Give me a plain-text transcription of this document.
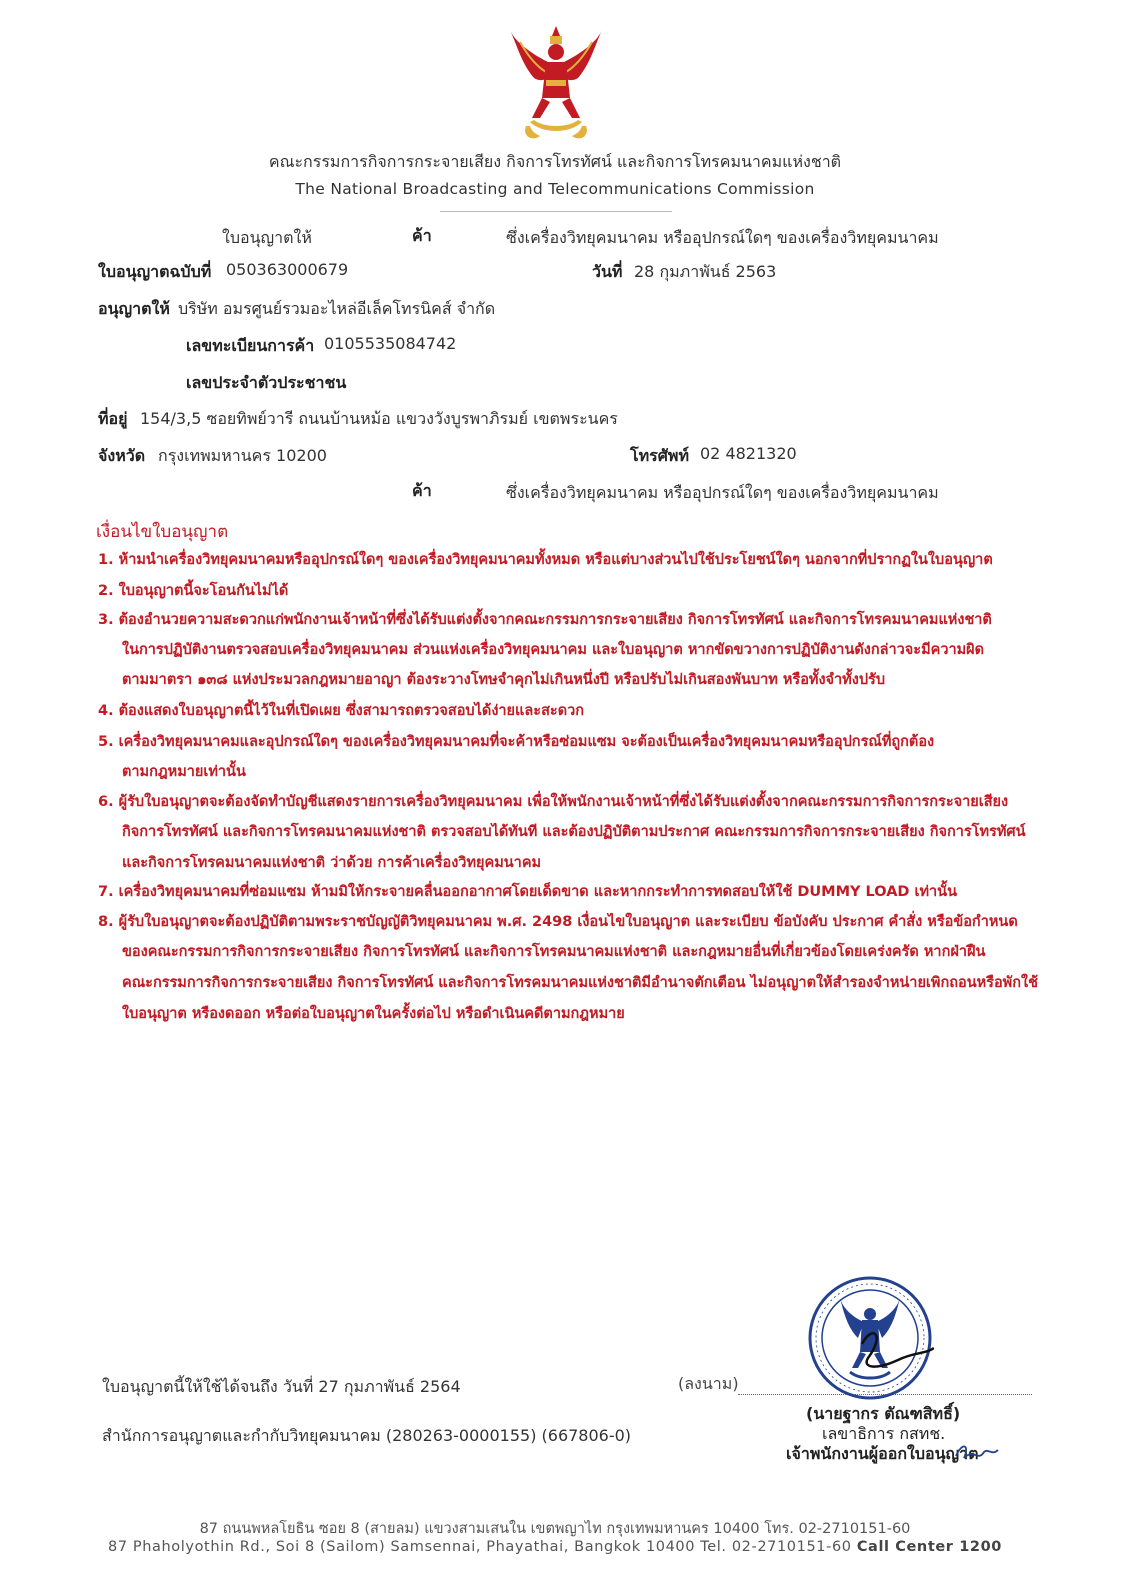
คณะกรรมการกิจการกระจายเสียง กิจการโทรทัศน์ และกิจการโทรคมนาคมแห่งชาติ
The National Broadcasting and Telecommunications Commission
ใบอนุญาตให้	ค้า	ซึ่งเครื่องวิทยุคมนาคม หรืออุปกรณ์ใดๆ ของเครื่องวิทยุคมนาคม
ใบอนุญาตฉบับที่ 050363000679	วันที่ 28 กุมภาพันธ์ 2563
อนุญาตให้ บริษัท อมรศูนย์รวมอะไหล่อีเล็คโทรนิคส์ จำกัด
เลขทะเบียนการค้า 0105535084742
เลขประจำตัวประชาชน
ที่อยู่ 154/3,5 ซอยทิพย์วารี ถนนบ้านหม้อ แขวงวังบูรพาภิรมย์ เขตพระนคร
จังหวัด กรุงเทพมหานคร 10200	โทรศัพท์ 02 4821320
ค้า	ซึ่งเครื่องวิทยุคมนาคม หรืออุปกรณ์ใดๆ ของเครื่องวิทยุคมนาคม
เงื่อนไขใบอนุญาต
1. ห้ามนำเครื่องวิทยุคมนาคมหรืออุปกรณ์ใดๆ ของเครื่องวิทยุคมนาคมทั้งหมด หรือแต่บางส่วนไปใช้ประโยชน์ใดๆ นอกจากที่ปรากฏในใบอนุญาต
2. ใบอนุญาตนี้จะโอนกันไม่ได้
3. ต้องอำนวยความสะดวกแก่พนักงานเจ้าหน้าที่ซึ่งได้รับแต่งตั้งจากคณะกรรมการกระจายเสียง กิจการโทรทัศน์ และกิจการโทรคมนาคมแห่งชาติ
ในการปฏิบัติงานตรวจสอบเครื่องวิทยุคมนาคม ส่วนแห่งเครื่องวิทยุคมนาคม และใบอนุญาต หากขัดขวางการปฏิบัติงานดังกล่าวจะมีความผิด
ตามมาตรา ๑๓๘ แห่งประมวลกฎหมายอาญา ต้องระวางโทษจำคุกไม่เกินหนึ่งปี หรือปรับไม่เกินสองพันบาท หรือทั้งจำทั้งปรับ
4. ต้องแสดงใบอนุญาตนี้ไว้ในที่เปิดเผย ซึ่งสามารถตรวจสอบได้ง่ายและสะดวก
5. เครื่องวิทยุคมนาคมและอุปกรณ์ใดๆ ของเครื่องวิทยุคมนาคมที่จะค้าหรือซ่อมแซม จะต้องเป็นเครื่องวิทยุคมนาคมหรืออุปกรณ์ที่ถูกต้อง
ตามกฎหมายเท่านั้น
6. ผู้รับใบอนุญาตจะต้องจัดทำบัญชีแสดงรายการเครื่องวิทยุคมนาคม เพื่อให้พนักงานเจ้าหน้าที่ซึ่งได้รับแต่งตั้งจากคณะกรรมการกิจการกระจายเสียง
กิจการโทรทัศน์ และกิจการโทรคมนาคมแห่งชาติ ตรวจสอบได้ทันที และต้องปฏิบัติตามประกาศ คณะกรรมการกิจการกระจายเสียง กิจการโทรทัศน์
และกิจการโทรคมนาคมแห่งชาติ ว่าด้วย การค้าเครื่องวิทยุคมนาคม
7. เครื่องวิทยุคมนาคมที่ซ่อมแซม ห้ามมิให้กระจายคลื่นออกอากาศโดยเด็ดขาด และหากกระทำการทดสอบให้ใช้ DUMMY LOAD เท่านั้น
8. ผู้รับใบอนุญาตจะต้องปฏิบัติตามพระราชบัญญัติวิทยุคมนาคม พ.ศ. 2498 เงื่อนไขใบอนุญาต และระเบียบ ข้อบังคับ ประกาศ คำสั่ง หรือข้อกำหนด
ของคณะกรรมการกิจการกระจายเสียง กิจการโทรทัศน์ และกิจการโทรคมนาคมแห่งชาติ และกฎหมายอื่นที่เกี่ยวข้องโดยเคร่งครัด หากฝ่าฝืน
คณะกรรมการกิจการกระจายเสียง กิจการโทรทัศน์ และกิจการโทรคมนาคมแห่งชาติมีอำนาจตักเตือน ไม่อนุญาตให้สำรองจำหน่ายเพิกถอนหรือพักใช้
ใบอนุญาต หรืองดออก หรือต่อใบอนุญาตในครั้งต่อไป หรือดำเนินคดีตามกฎหมาย
ใบอนุญาตนี้ให้ใช้ได้จนถึง วันที่ 27 กุมภาพันธ์ 2564
สำนักการอนุญาตและกำกับวิทยุคมนาคม (280263-0000155) (667806-0)
(ลงนาม)
(นายฐากร ตัณฑสิทธิ์)
เลขาธิการ กสทช.
เจ้าพนักงานผู้ออกใบอนุญาต
87 ถนนพหลโยธิน ซอย 8 (สายลม) แขวงสามเสนใน เขตพญาไท กรุงเทพมหานคร 10400 โทร. 02-2710151-60
87 Phaholyothin Rd., Soi 8 (Sailom) Samsennai, Phayathai, Bangkok 10400 Tel. 02-2710151-60 Call Center 1200
